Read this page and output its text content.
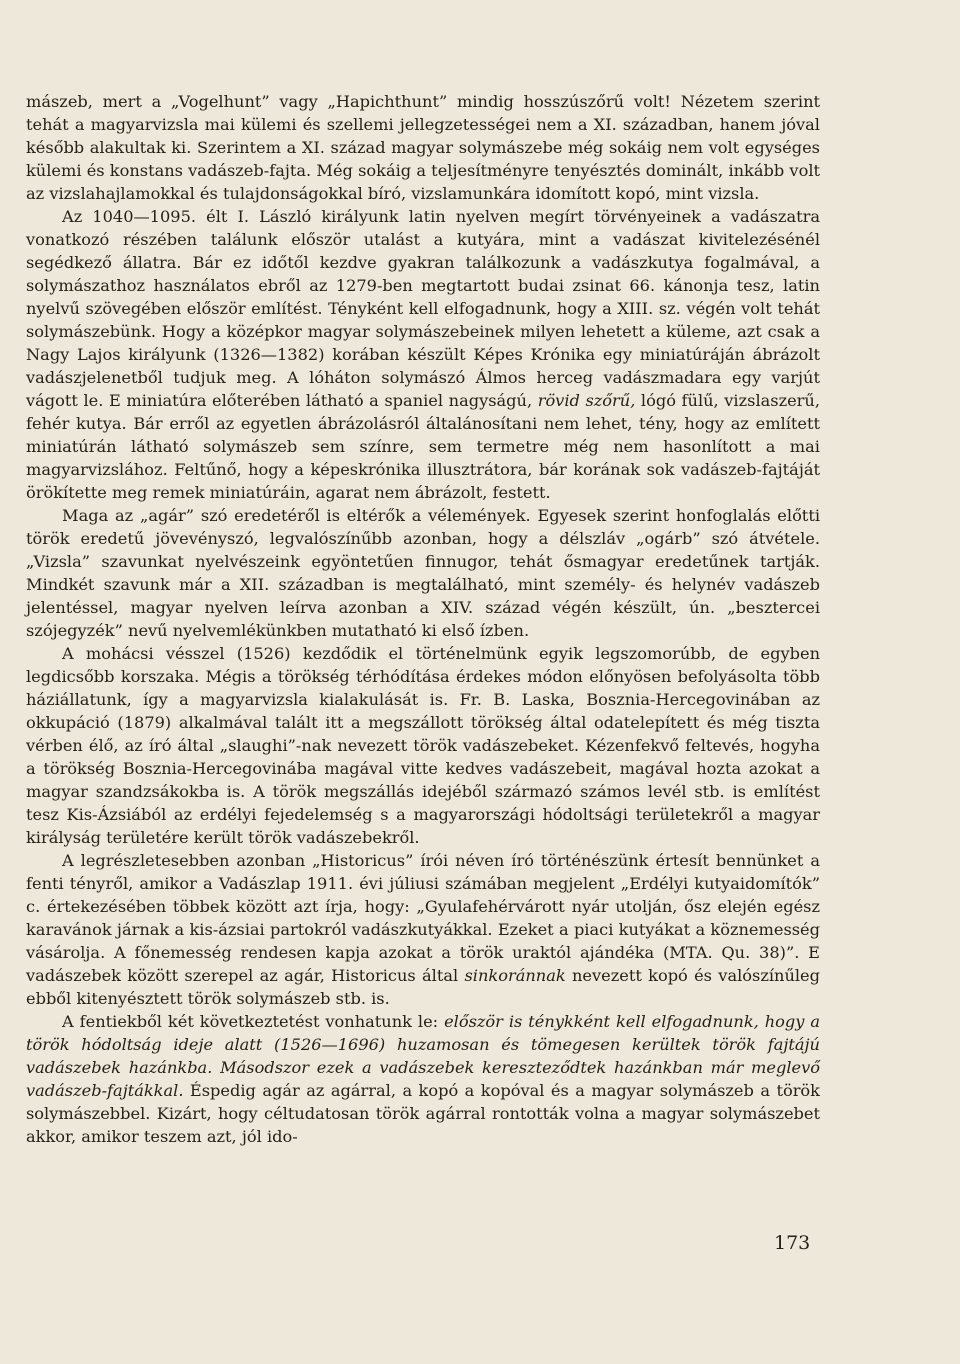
mászeb, mert a „Vogelhunt” vagy „Hapichthunt” mindig hosszúszőrű volt! Nézetem szerint tehát a magyarvizsla mai külemi és szellemi jellegzetességei nem a XI. században, hanem jóval később alakultak ki. Szerintem a XI. század magyar solymászebe még sokáig nem volt egységes külemi és konstans vadászeb-fajta. Még sokáig a teljesítményre tenyésztés dominált, inkább volt az vizslahajlamokkal és tulajdonságokkal bíró, vizslamunkára idomított kopó, mint vizsla.

Az 1040—1095. élt I. László királyunk latin nyelven megírt törvényeinek a vadászatra vonatkozó részében találunk először utalást a kutyára, mint a vadászat kivitelezésénél segédkező állatra. Bár ez időtől kezdve gyakran találkozunk a vadászkutya fogalmával, a solymászathoz használatos ebről az 1279-ben megtartott budai zsinat 66. kánonja tesz, latin nyelvű szövegében először említést. Tényként kell elfogadnunk, hogy a XIII. sz. végén volt tehát solymászebünk. Hogy a középkor magyar solymászebeinek milyen lehetett a küleme, azt csak a Nagy Lajos királyunk (1326—1382) korában készült Képes Krónika egy miniatúráján ábrázolt vadászjelenetből tudjuk meg. A lóháton solymászó Álmos herceg vadászmadara egy varjút vágott le. E miniatúra előterében látható a spaniel nagyságú, rövid szőrű, lógó fülű, vizslaszerű, fehér kutya. Bár erről az egyetlen ábrázolásról általánosítani nem lehet, tény, hogy az említett miniatúrán látható solymászeb sem színre, sem termetre még nem hasonlított a mai magyarvizslához. Feltűnő, hogy a képeskrónika illusztrátora, bár korának sok vadászeb-fajtáját örökítette meg remek miniatúráin, agarat nem ábrázolt, festett.

Maga az „agár” szó eredetéről is eltérők a vélemények. Egyesek szerint honfoglalás előtti török eredetű jövevényszó, legvalószínűbb azonban, hogy a délszláv „ogárb” szó átvétele. „Vizsla” szavunkat nyelvészeink egyöntetűen finnugor, tehát ősmagyar eredetűnek tartják. Mindkét szavunk már a XII. században is megtalálható, mint személy- és helynév vadászeb jelentéssel, magyar nyelven leírva azonban a XIV. század végén készült, ún. „besztercei szójegyzék” nevű nyelvemlékünkben mutatható ki első ízben.

A mohácsi vésszel (1526) kezdődik el történelmünk egyik legszomorúbb, de egyben legdicsőbb korszaka. Mégis a törökség térhódítása érdekes módon előnyösen befolyásolta több háziállatunk, így a magyarvizsla kialakulását is. Fr. B. Laska, Bosznia-Hercegovinában az okkupáció (1879) alkalmával talált itt a megszállott törökség által odatelepített és még tiszta vérben élő, az író által „slaughi”-nak nevezett török vadászebeket. Kézenfekvő feltevés, hogyha a törökség Bosznia-Hercegovinába magával vitte kedves vadászebeit, magával hozta azokat a magyar szandzsákokba is. A török megszállás idejéből származó számos levél stb. is említést tesz Kis-Ázsiából az erdélyi fejedelemség s a magyarországi hódoltsági területekről a magyar királyság területére került török vadászebekről.

A legrészletesebben azonban „Historicus” írói néven író történészünk értesít bennünket a fenti tényről, amikor a Vadászlap 1911. évi júliusi számában megjelent „Erdélyi kutyaidomítók” c. értekezésében többek között azt írja, hogy: „Gyulafehérvárott nyár utolján, ősz elején egész karavánok járnak a kis-ázsiai partokról vadászkutyákkal. Ezeket a piaci kutyákat a köznemesség vásárolja. A főnemesség rendesen kapja azokat a török uraktól ajándéka (MTA. Qu. 38)”. E vadászebek között szerepel az agár, Historicus által sinkoránnak nevezett kopó és valószínűleg ebből kitenyésztett török solymászeb stb. is.

A fentiekből két következtetést vonhatunk le: először is ténykként kell elfogadnunk, hogy a török hódoltság ideje alatt (1526—1696) huzamosan és tömegesen kerültek török fajtájú vadászebek hazánkba. Másodszor ezek a vadászebek kereszteződtek hazánkban már meglevő vadászeb-fajtákkal. Éspedig agár az agárral, a kopó a kopóval és a magyar solymászeb a török solymászebbel. Kizárt, hogy céltudatosan török agárral rontották volna a magyar solymászebet akkor, amikor teszem azt, jól ido-

173
